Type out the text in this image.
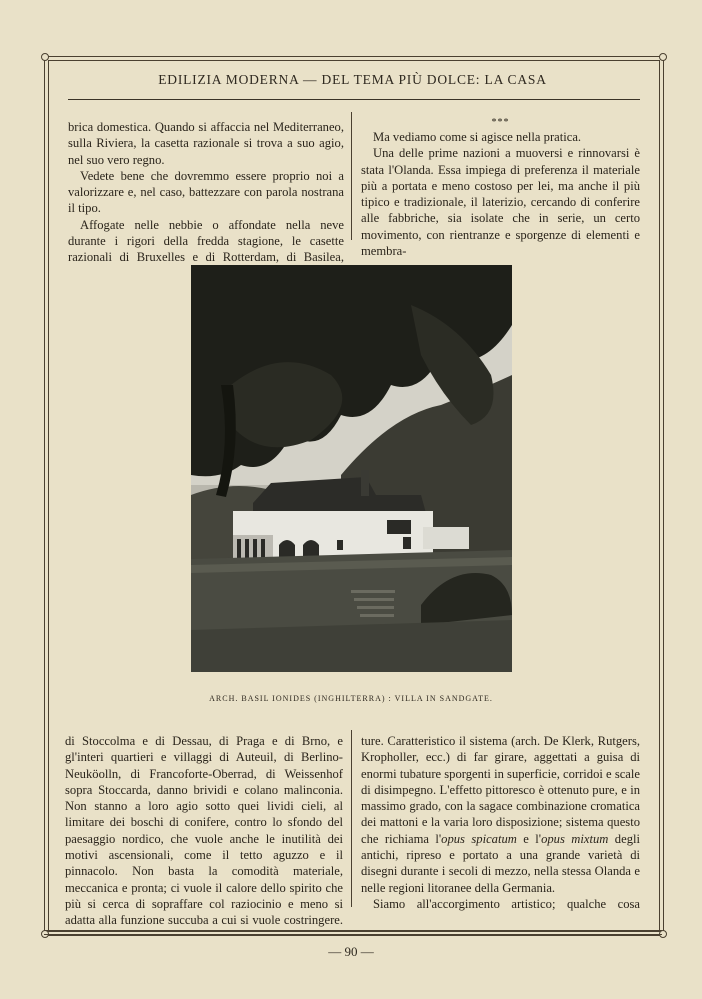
EDILIZIA MODERNA — DEL TEMA PIÙ DOLCE: LA CASA

brica domestica. Quando si affaccia nel Mediterraneo, sulla Riviera, la casetta razionale si trova a suo agio, nel suo vero regno.

Vedete bene che dovremmo essere proprio noi a valorizzare e, nel caso, battezzare con parola nostrana il tipo.

Affogate nelle nebbie o affondate nella neve durante i rigori della fredda stagione, le casette razionali di Bruxelles e di Rotterdam, di Basilea,

***

Ma vediamo come si agisce nella pratica.

Una delle prime nazioni a muoversi e rinnovarsi è stata l'Olanda. Essa impiega di preferenza il materiale più a portata e meno costoso per lei, ma anche il più tipico e tradizionale, il laterizio, cercando di conferire alle fabbriche, sia isolate che in serie, un certo movimento, con rientranze e sporgenze di elementi e membra-

ARCH. BASIL IONIDES (INGHILTERRA) : VILLA IN SANDGATE.

di Stoccolma e di Dessau, di Praga e di Brno, e gl'interi quartieri e villaggi di Auteuil, di Berlino-Neuköolln, di Francoforte-Oberrad, di Weissenhof sopra Stoccarda, danno brividi e colano malinconia. Non stanno a loro agio sotto quei lividi cieli, al limitare dei boschi di conifere, contro lo sfondo del paesaggio nordico, che vuole anche le inutilità dei motivi ascensionali, come il tetto aguzzo e il pinnacolo. Non basta la comodità materiale, meccanica e pronta; ci vuole il calore dello spirito che più si cerca di sopraffare col raziocinio e meno si adatta alla funzione succuba a cui si vuole costringere.

ture. Caratteristico il sistema (arch. De Klerk, Rutgers, Kropholler, ecc.) di far girare, aggettati a guisa di enormi tubature sporgenti in superficie, corridoi e scale di disimpegno. L'effetto pittoresco è ottenuto pure, e in massimo grado, con la sagace combinazione cromatica dei mattoni e la varia loro disposizione; sistema questo che richiama l'opus spicatum e l'opus mixtum degli antichi, ripreso e portato a una grande varietà di disegni durante i secoli di mezzo, nella stessa Olanda e nelle regioni litoranee della Germania.

Siamo all'accorgimento artistico; qualche cosa

— 90 —
